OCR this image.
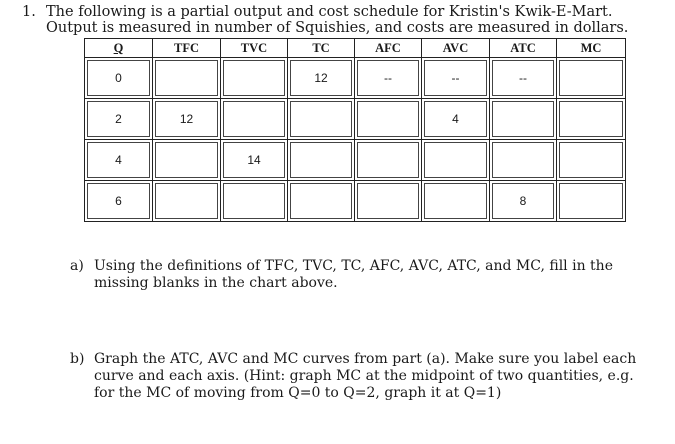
1. The following is a partial output and cost schedule for Kristin's Kwik-E-Mart.
Output is measured in number of Squishies, and costs are measured in dollars.
Q	TFC	TVC	TC	AFC	AVC	ATC	MC
0			12	--	--	--	
2	12				4		
4		14					
6						8	
a) Using the definitions of TFC, TVC, TC, AFC, AVC, ATC, and MC, fill in the
missing blanks in the chart above.
b) Graph the ATC, AVC and MC curves from part (a). Make sure you label each
curve and each axis. (Hint: graph MC at the midpoint of two quantities, e.g.
for the MC of moving from Q=0 to Q=2, graph it at Q=1)
